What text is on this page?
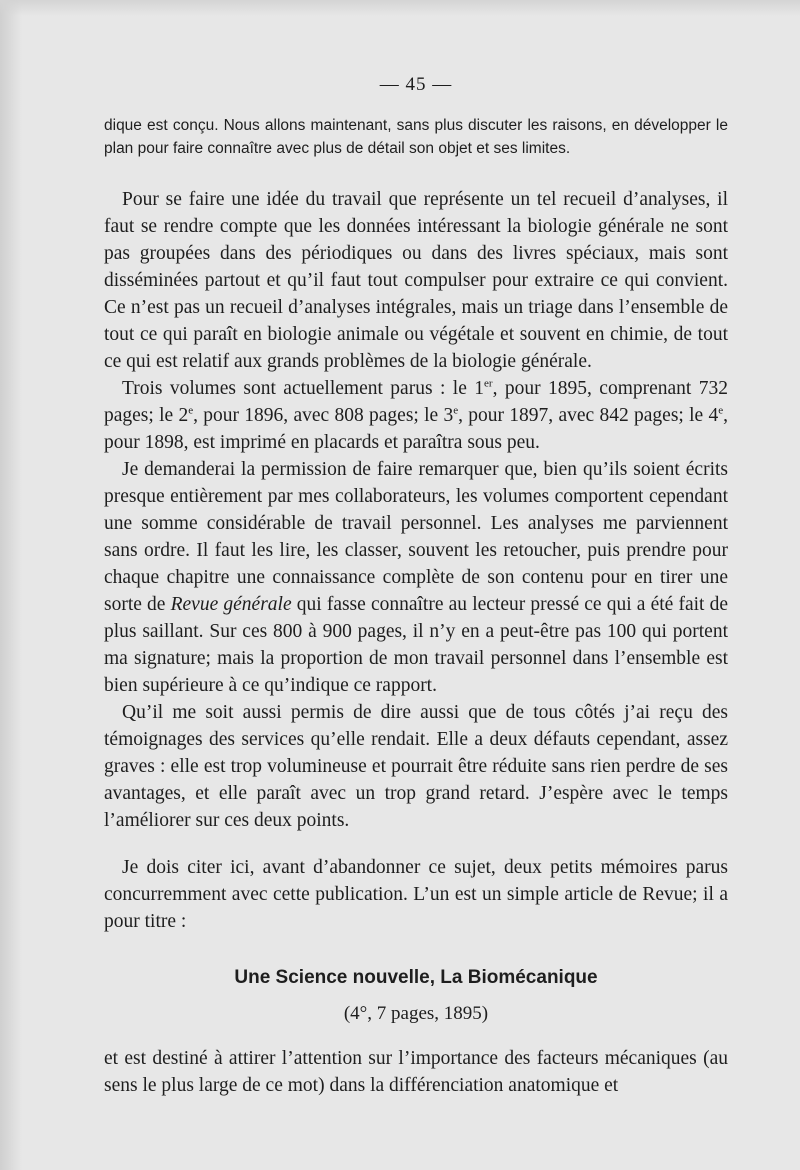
— 45 —

dique est conçu. Nous allons maintenant, sans plus discuter les raisons, en développer le plan pour faire connaître avec plus de détail son objet et ses limites.

Pour se faire une idée du travail que représente un tel recueil d’analyses, il faut se rendre compte que les données intéressant la biologie générale ne sont pas groupées dans des périodiques ou dans des livres spéciaux, mais sont disséminées partout et qu’il faut tout compulser pour extraire ce qui convient. Ce n’est pas un recueil d’analyses intégrales, mais un triage dans l’ensemble de tout ce qui paraît en biologie animale ou végétale et souvent en chimie, de tout ce qui est relatif aux grands problèmes de la biologie générale.

Trois volumes sont actuellement parus : le 1er, pour 1895, comprenant 732 pages; le 2e, pour 1896, avec 808 pages; le 3e, pour 1897, avec 842 pages; le 4e, pour 1898, est imprimé en placards et paraîtra sous peu.

Je demanderai la permission de faire remarquer que, bien qu’ils soient écrits presque entièrement par mes collaborateurs, les volumes comportent cependant une somme considérable de travail personnel. Les analyses me parviennent sans ordre. Il faut les lire, les classer, souvent les retoucher, puis prendre pour chaque chapitre une connaissance complète de son contenu pour en tirer une sorte de Revue générale qui fasse connaître au lecteur pressé ce qui a été fait de plus saillant. Sur ces 800 à 900 pages, il n’y en a peut-être pas 100 qui portent ma signature; mais la proportion de mon travail personnel dans l’ensemble est bien supérieure à ce qu’indique ce rapport.

Qu’il me soit aussi permis de dire aussi que de tous côtés j’ai reçu des témoignages des services qu’elle rendait. Elle a deux défauts cependant, assez graves : elle est trop volumineuse et pourrait être réduite sans rien perdre de ses avantages, et elle paraît avec un trop grand retard. J’espère avec le temps l’améliorer sur ces deux points.

Je dois citer ici, avant d’abandonner ce sujet, deux petits mémoires parus concurremment avec cette publication. L’un est un simple article de Revue; il a pour titre :

Une Science nouvelle, La Biomécanique
(4°, 7 pages, 1895)

et est destiné à attirer l’attention sur l’importance des facteurs mécaniques (au sens le plus large de ce mot) dans la différenciation anatomique et
